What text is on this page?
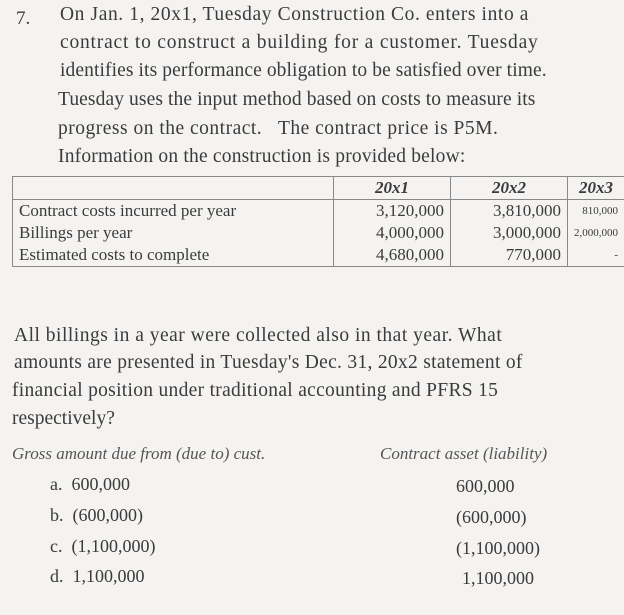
7. On Jan. 1, 20x1, Tuesday Construction Co. enters into a
contract to construct a building for a customer. Tuesday
identifies its performance obligation to be satisfied over time.
Tuesday uses the input method based on costs to measure its
progress on the contract.   The contract price is P5M.
Information on the construction is provided below:
	20x1	20x2	20x3
Contract costs incurred per year	3,120,000	3,810,000	810,000
Billings per year	4,000,000	3,000,000	2,000,000
Estimated costs to complete	4,680,000	770,000	-
All billings in a year were collected also in that year. What
amounts are presented in Tuesday's Dec. 31, 20x2 statement of
financial position under traditional accounting and PFRS 15
respectively?
Gross amount due from (due to) cust.	Contract asset (liability)
a. 600,000	600,000
b. (600,000)	(600,000)
c. (1,100,000)	(1,100,000)
d. 1,100,000	1,100,000
